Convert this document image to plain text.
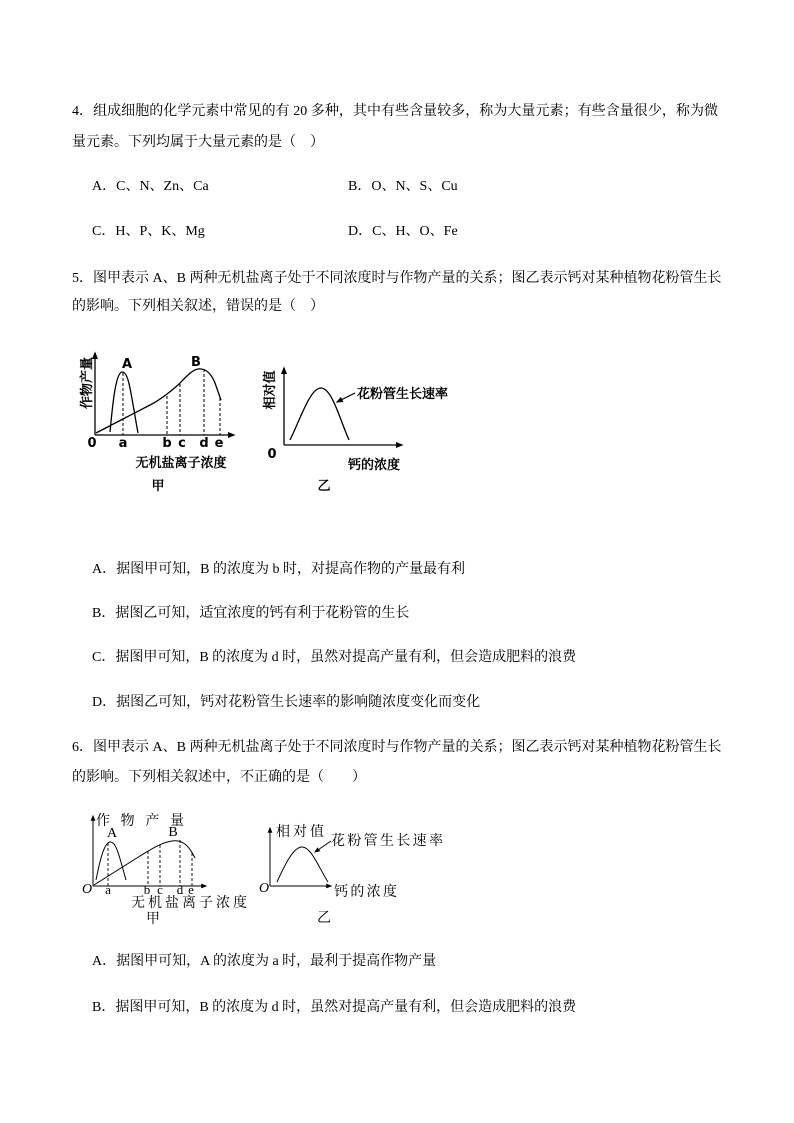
4．组成细胞的化学元素中常见的有 20 多种，其中有些含量较多，称为大量元素；有些含量很少，称为微
量元素。下列均属于大量元素的是（　）
A．C、N、Zn、Ca	B．O、N、S、Cu
C．H、P、K、Mg	D．C、H、O、Fe
5．图甲表示 A、B 两种无机盐离子处于不同浓度时与作物产量的关系；图乙表示钙对某种植物花粉管生长
的影响。下列相关叙述，错误的是（　）
作物产量 A	B
0 a	b c d e
无机盐离子浓度
甲
相对值	花粉管生长速率
0
钙的浓度
乙
A．据图甲可知，B 的浓度为 b 时，对提高作物的产量最有利
B．据图乙可知，适宜浓度的钙有利于花粉管的生长
C．据图甲可知，B 的浓度为 d 时，虽然对提高产量有利，但会造成肥料的浪费
D．据图乙可知，钙对花粉管生长速率的影响随浓度变化而变化
6．图甲表示 A、B 两种无机盐离子处于不同浓度时与作物产量的关系；图乙表示钙对某种植物花粉管生长
的影响。下列相关叙述中，不正确的是（　　）
作物产量
A	B
O a	b c d e
无机盐离子浓度
甲
相对值
花粉管生长速率
O	钙的浓度
乙
A．据图甲可知，A 的浓度为 a 时，最利于提高作物产量
B．据图甲可知，B 的浓度为 d 时，虽然对提高产量有利，但会造成肥料的浪费
